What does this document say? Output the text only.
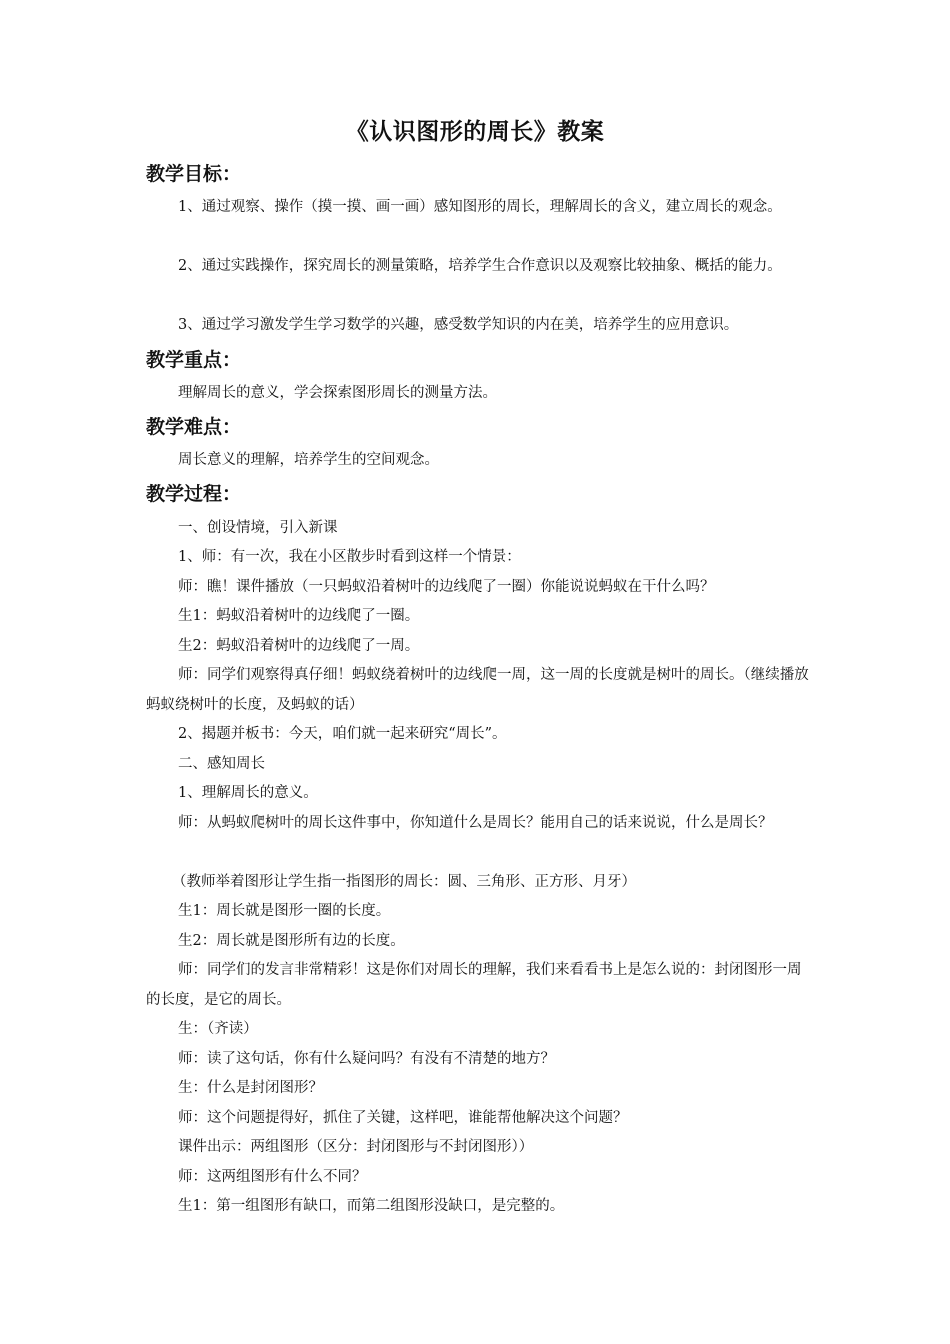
《认识图形的周长》教案
教学目标：

1、通过观察、操作（摸一摸、画一画）感知图形的周长，理解周长的含义，建立周长的观念。

2、通过实践操作，探究周长的测量策略，培养学生合作意识以及观察比较抽象、概括的能力。

3、通过学习激发学生学习数学的兴趣，感受数学知识的内在美，培养学生的应用意识。

教学重点：

理解周长的意义，学会探索图形周长的测量方法。

教学难点：

周长意义的理解，培养学生的空间观念。

教学过程：

一、创设情境，引入新课

1、师：有一次，我在小区散步时看到这样一个情景：

师：瞧！课件播放（一只蚂蚁沿着树叶的边线爬了一圈）你能说说蚂蚁在干什么吗？

生1：蚂蚁沿着树叶的边线爬了一圈。

生2：蚂蚁沿着树叶的边线爬了一周。

师：同学们观察得真仔细！蚂蚁绕着树叶的边线爬一周，这一周的长度就是树叶的周长。（继续播放蚂蚁绕树叶的长度，及蚂蚁的话）

2、揭题并板书：今天，咱们就一起来研究“周长”。

二、感知周长

1、理解周长的意义。

师：从蚂蚁爬树叶的周长这件事中，你知道什么是周长？能用自己的话来说说，什么是周长？

（教师举着图形让学生指一指图形的周长：圆、三角形、正方形、月牙）

生1：周长就是图形一圈的长度。

生2：周长就是图形所有边的长度。

师：同学们的发言非常精彩！这是你们对周长的理解，我们来看看书上是怎么说的：封闭图形一周的长度，是它的周长。

生：（齐读）

师：读了这句话，你有什么疑问吗？有没有不清楚的地方？

生：什么是封闭图形？

师：这个问题提得好，抓住了关键，这样吧，谁能帮他解决这个问题？

课件出示：两组图形（区分：封闭图形与不封闭图形））

师：这两组图形有什么不同？

生1：第一组图形有缺口，而第二组图形没缺口，是完整的。
